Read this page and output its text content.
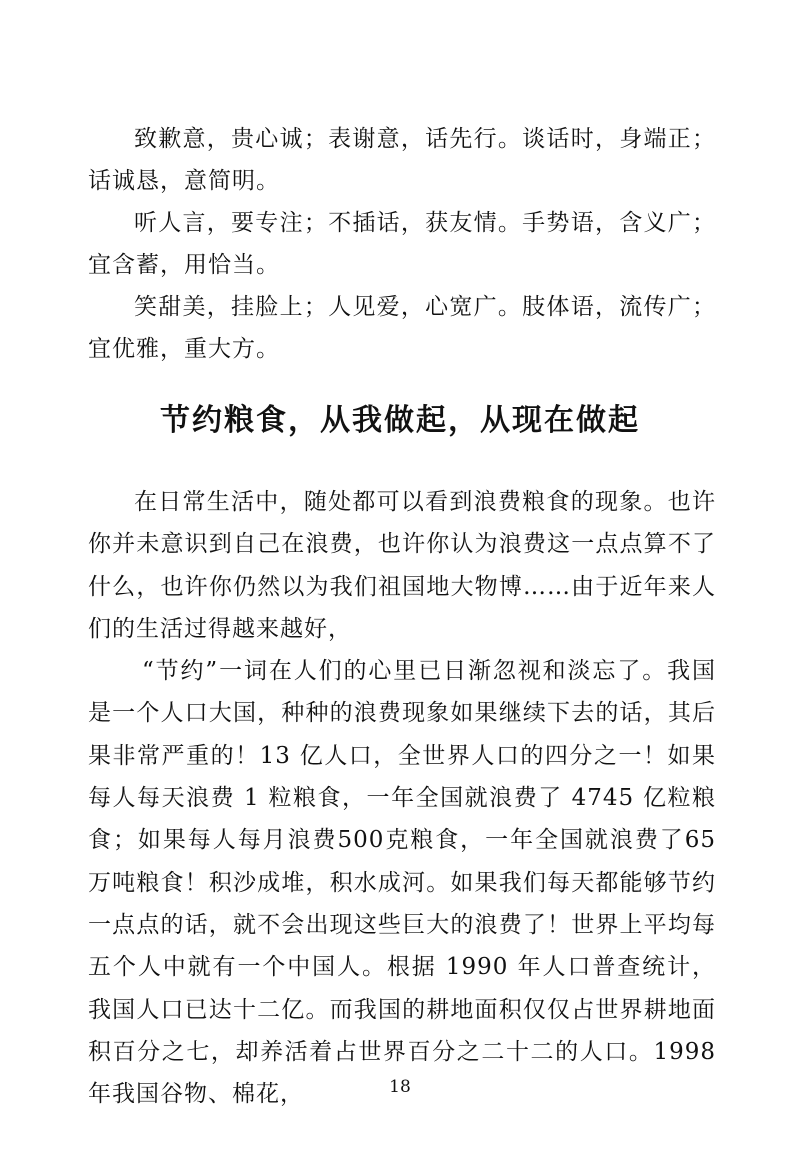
致歉意，贵心诚；表谢意，话先行。谈话时，身端正；话诚恳，意简明。

听人言，要专注；不插话，获友情。手势语，含义广；宜含蓄，用恰当。

笑甜美，挂脸上；人见爱，心宽广。肢体语，流传广；宜优雅，重大方。

节约粮食，从我做起，从现在做起

在日常生活中，随处都可以看到浪费粮食的现象。也许你并未意识到自己在浪费，也许你认为浪费这一点点算不了什么，也许你仍然以为我们祖国地大物博……由于近年来人们的生活过得越来越好，

“节约”一词在人们的心里已日渐忽视和淡忘了。我国是一个人口大国，种种的浪费现象如果继续下去的话，其后果非常严重的！13 亿人口，全世界人口的四分之一！如果每人每天浪费 1 粒粮食，一年全国就浪费了 4745 亿粒粮食；如果每人每月浪费500克粮食，一年全国就浪费了65万吨粮食！积沙成堆，积水成河。如果我们每天都能够节约一点点的话，就不会出现这些巨大的浪费了！世界上平均每五个人中就有一个中国人。根据 1990 年人口普查统计，我国人口已达十二亿。而我国的耕地面积仅仅占世界耕地面积百分之七，却养活着占世界百分之二十二的人口。1998 年我国谷物、棉花，	18
